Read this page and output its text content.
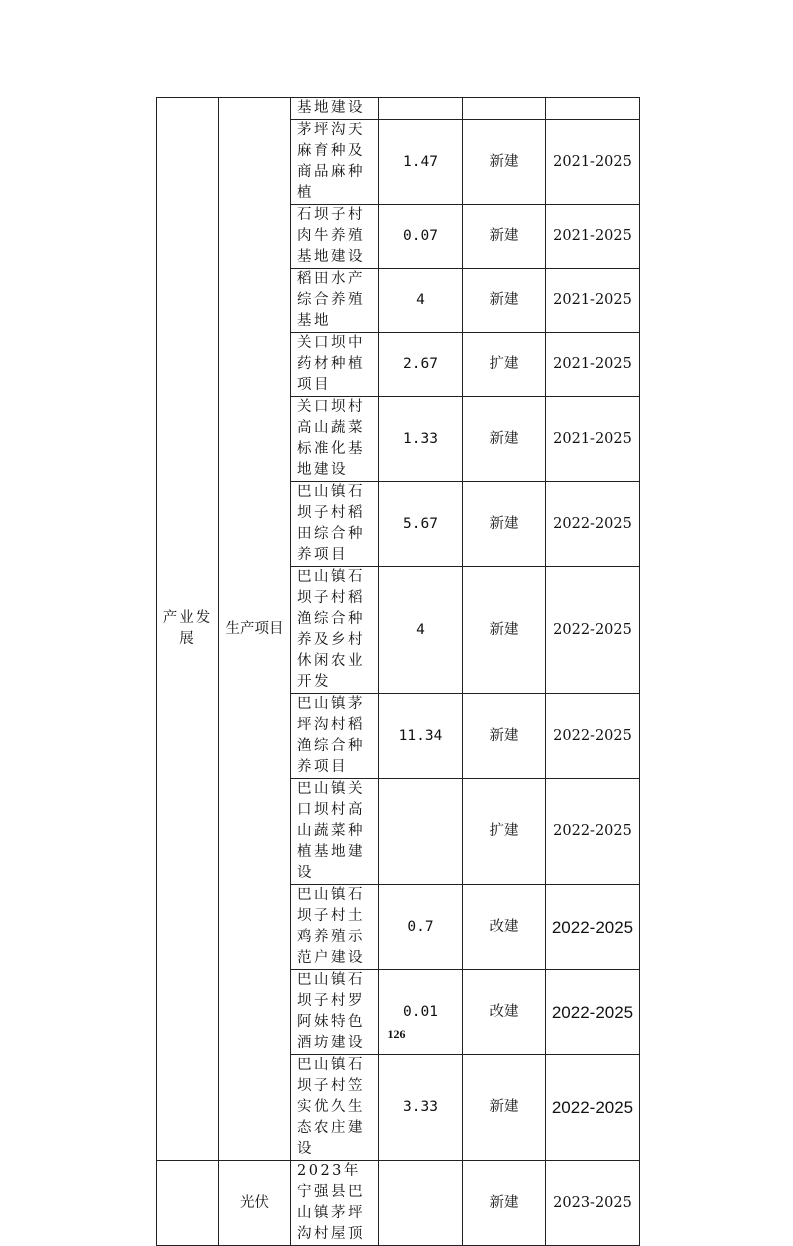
产业发展	生产项目	基地建设			
		茅坪沟天麻育种及商品麻种植	1.47	新建	2021-2025
		石坝子村肉牛养殖基地建设	0.07	新建	2021-2025
		稻田水产综合养殖基地	4	新建	2021-2025
		关口坝中药材种植项目	2.67	扩建	2021-2025
		关口坝村高山蔬菜标准化基地建设	1.33	新建	2021-2025
		巴山镇石坝子村稻田综合种养项目	5.67	新建	2022-2025
		巴山镇石坝子村稻渔综合种养及乡村休闲农业开发	4	新建	2022-2025
		巴山镇茅坪沟村稻渔综合种养项目	11.34	新建	2022-2025
		巴山镇关口坝村高山蔬菜种植基地建设		扩建	2022-2025
		巴山镇石坝子村土鸡养殖示范户建设	0.7	改建	2022-2025
		巴山镇石坝子村罗阿妹特色酒坊建设	0.01	改建	2022-2025
		巴山镇石坝子村笠实优久生态农庄建设	3.33	新建	2022-2025
	光伏	2023年宁强县巴山镇茅坪沟村屋顶		新建	2023-2025
126
